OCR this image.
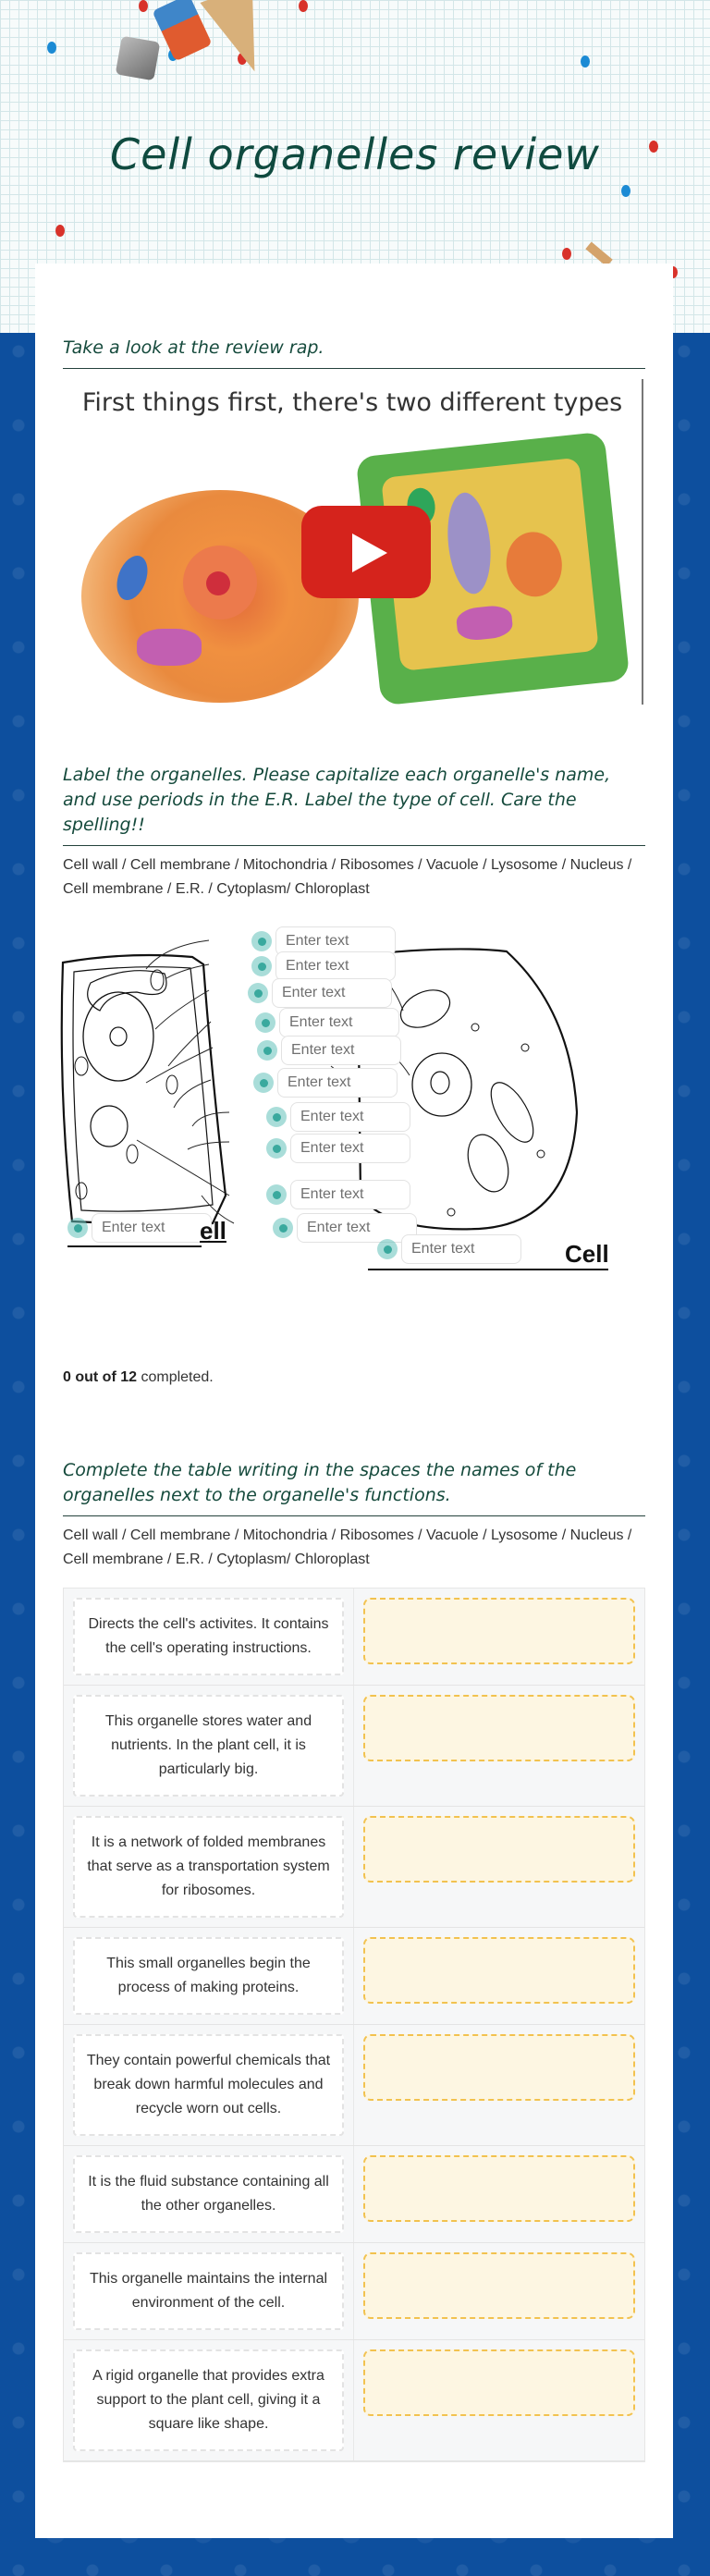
Cell organelles review
Take a look at the review rap.
First things first, there's two different types
Label the organelles. Please capitalize each organelle's name, and use periods in the E.R. Label the type of cell. Care the spelling!!
Cell wall / Cell membrane / Mitochondria / Ribosomes / Vacuole / Lysosome / Nucleus / Cell membrane / E.R. / Cytoplasm/ Chloroplast
Enter text
Enter text
Enter text
Enter text
Enter text
Enter text
Enter text
Enter text
Enter text
Enter text
Enter text
ell
Enter text
Cell
0 out of 12 completed.
Complete the table writing in the spaces the names of the organelles next to the organelle's functions.
Cell wall / Cell membrane / Mitochondria / Ribosomes / Vacuole / Lysosome / Nucleus / Cell membrane / E.R. / Cytoplasm/ Chloroplast
Directs the cell's activites. It contains the cell's operating instructions.
This organelle stores water and nutrients. In the plant cell, it is particularly big.
It is a network of folded membranes that serve as a transportation system for ribosomes.
This small organelles begin the process of making proteins.
They contain powerful chemicals that break down harmful molecules and recycle worn out cells.
It is the fluid substance containing all the other organelles.
This organelle maintains the internal environment of the cell.
A rigid organelle that provides extra support to the plant cell, giving it a square like shape.
